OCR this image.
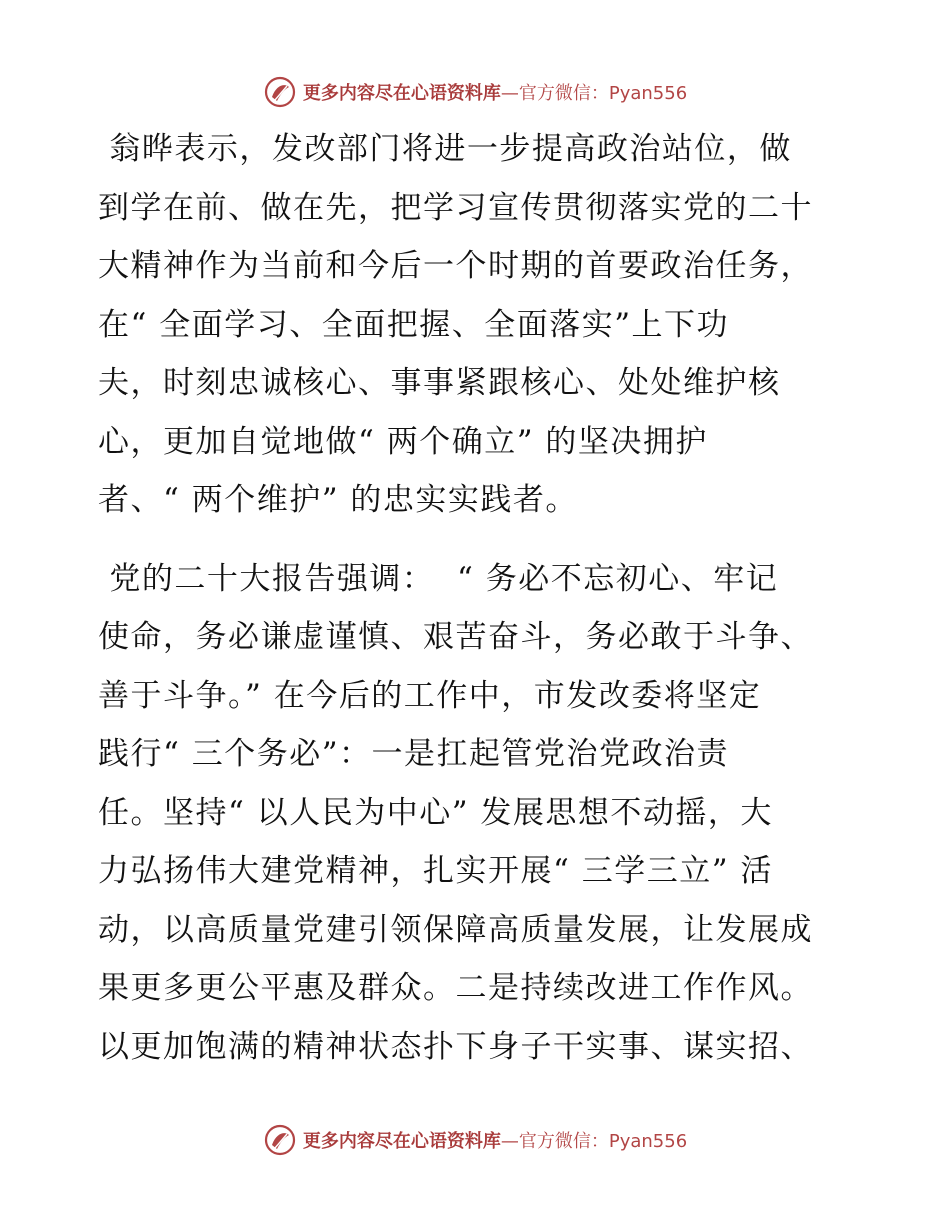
更多内容尽在心语资料库—官方微信：Pyan556
翁晔表示，发改部门将进一步提高政治站位，做
到学在前、做在先，把学习宣传贯彻落实党的二十
大精神作为当前和今后一个时期的首要政治任务，
在“ 全面学习、全面把握、全面落实”上下功
夫，时刻忠诚核心、事事紧跟核心、处处维护核
心，更加自觉地做“ 两个确立” 的坚决拥护
者、“ 两个维护” 的忠实实践者。
党的二十大报告强调：  “ 务必不忘初心、牢记
使命，务必谦虚谨慎、艰苦奋斗，务必敢于斗争、
善于斗争。” 在今后的工作中，市发改委将坚定
践行“ 三个务必”：一是扛起管党治党政治责
任。坚持“ 以人民为中心” 发展思想不动摇，大
力弘扬伟大建党精神，扎实开展“ 三学三立” 活
动，以高质量党建引领保障高质量发展，让发展成
果更多更公平惠及群众。二是持续改进工作作风。
以更加饱满的精神状态扑下身子干实事、谋实招、
更多内容尽在心语资料库—官方微信：Pyan556
